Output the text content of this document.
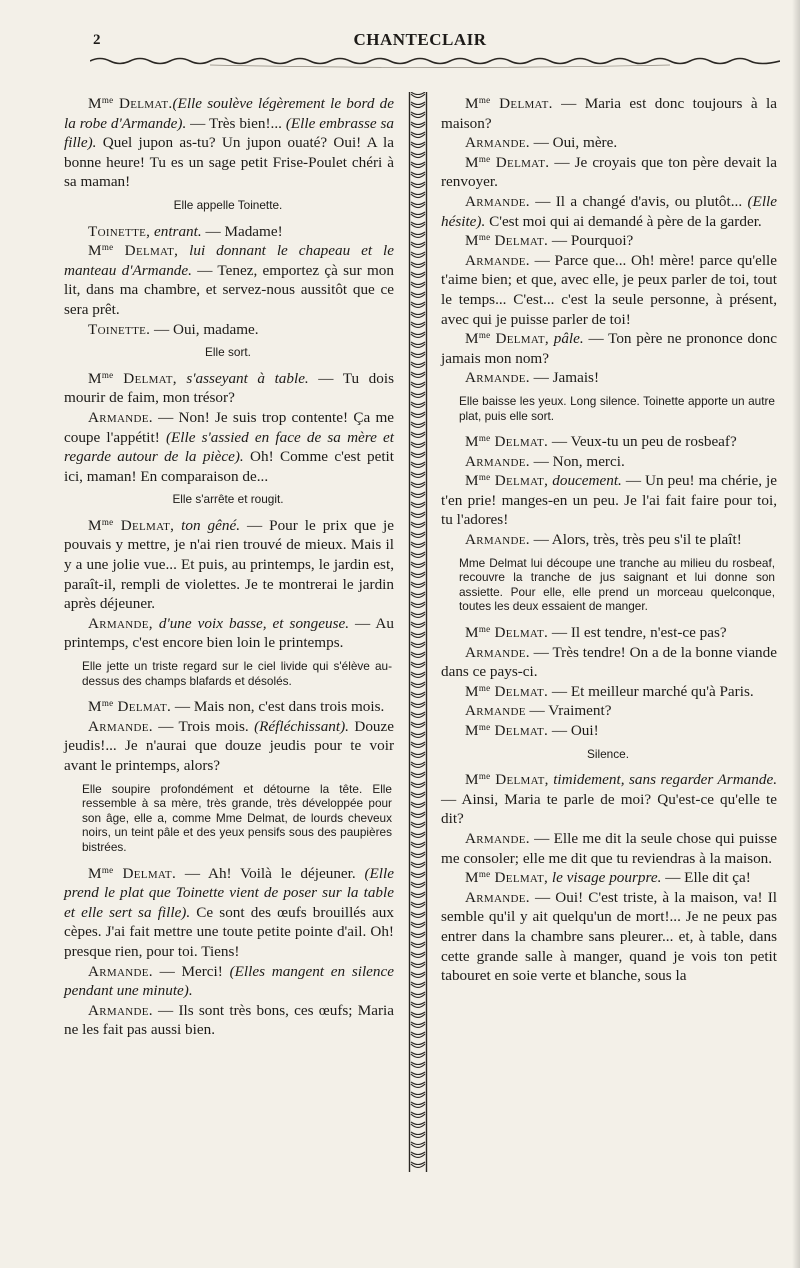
2	CHANTECLAIR

$M^{me}$ Delmat.(Elle soulève légèrement le bord de la robe d'Armande). — Très bien!... (Elle embrasse sa fille). Quel jupon as-tu? Un jupon ouaté? Oui! A la bonne heure! Tu es un sage petit Frise-Poulet chéri à sa maman!

Elle appelle Toinette.

Toinette, entrant. — Madame!

$M^{me}$ Delmat, lui donnant le chapeau et le manteau d'Armande. — Tenez, emportez çà sur mon lit, dans ma chambre, et servez-nous aussitôt que ce sera prêt.

Toinette. — Oui, madame.

Elle sort.

$M^{me}$ Delmat, s'asseyant à table. — Tu dois mourir de faim, mon trésor?

Armande. — Non! Je suis trop contente! Ça me coupe l'appétit! (Elle s'assied en face de sa mère et regarde autour de la pièce). Oh! Comme c'est petit ici, maman! En comparaison de...

Elle s'arrête et rougit.

$M^{me}$ Delmat, ton gêné. — Pour le prix que je pouvais y mettre, je n'ai rien trouvé de mieux. Mais il y a une jolie vue... Et puis, au printemps, le jardin est, paraît-il, rempli de violettes. Je te montrerai le jardin après déjeuner.

Armande, d'une voix basse, et songeuse. — Au printemps, c'est encore bien loin le printemps.

Elle jette un triste regard sur le ciel livide qui s'élève au-dessus des champs blafards et désolés.

$M^{me}$ Delmat. — Mais non, c'est dans trois mois.

Armande. — Trois mois. (Réfléchissant). Douze jeudis!... Je n'aurai que douze jeudis pour te voir avant le printemps, alors?

Elle soupire profondément et détourne la tête. Elle ressemble à sa mère, très grande, très développée pour son âge, elle a, comme Mme Delmat, de lourds cheveux noirs, un teint pâle et des yeux pensifs sous des paupières bistrées.

$M^{me}$ Delmat. — Ah! Voilà le déjeuner. (Elle prend le plat que Toinette vient de poser sur la table et elle sert sa fille). Ce sont des œufs brouillés aux cèpes. J'ai fait mettre une toute petite pointe d'ail. Oh! presque rien, pour toi. Tiens!

Armande. — Merci! (Elles mangent en silence pendant une minute).

Armande. — Ils sont très bons, ces œufs; Maria ne les fait pas aussi bien.

$M^{me}$ Delmat. — Maria est donc toujours à la maison?

Armande. — Oui, mère.

$M^{me}$ Delmat. — Je croyais que ton père devait la renvoyer.

Armande. — Il a changé d'avis, ou plutôt... (Elle hésite). C'est moi qui ai demandé à père de la garder.

$M^{me}$ Delmat. — Pourquoi?

Armande. — Parce que... Oh! mère! parce qu'elle t'aime bien; et que, avec elle, je peux parler de toi, tout le temps... C'est... c'est la seule personne, à présent, avec qui je puisse parler de toi!

$M^{me}$ Delmat, pâle. — Ton père ne prononce donc jamais mon nom?

Armande. — Jamais!

Elle baisse les yeux. Long silence. Toinette apporte un autre plat, puis elle sort.

$M^{me}$ Delmat. — Veux-tu un peu de rosbeaf?

Armande. — Non, merci.

$M^{me}$ Delmat, doucement. — Un peu! ma chérie, je t'en prie! manges-en un peu. Je l'ai fait faire pour toi, tu l'adores!

Armande. — Alors, très, très peu s'il te plaît!

Mme Delmat lui découpe une tranche au milieu du rosbeaf, recouvre la tranche de jus saignant et lui donne son assiette. Pour elle, elle prend un morceau quelconque, toutes les deux essaient de manger.

$M^{me}$ Delmat. — Il est tendre, n'est-ce pas?

Armande. — Très tendre! On a de la bonne viande dans ce pays-ci.

$M^{me}$ Delmat. — Et meilleur marché qu'à Paris.

Armande — Vraiment?

$M^{me}$ Delmat. — Oui!

Silence.

$M^{me}$ Delmat, timidement, sans regarder Armande. — Ainsi, Maria te parle de moi? Qu'est-ce qu'elle te dit?

Armande. — Elle me dit la seule chose qui puisse me consoler; elle me dit que tu reviendras à la maison.

$M^{me}$ Delmat, le visage pourpre. — Elle dit ça!

Armande. — Oui! C'est triste, à la maison, va! Il semble qu'il y ait quelqu'un de mort!... Je ne peux pas entrer dans la chambre sans pleurer... et, à table, dans cette grande salle à manger, quand je vois ton petit tabouret en soie verte et blanche, sous la
